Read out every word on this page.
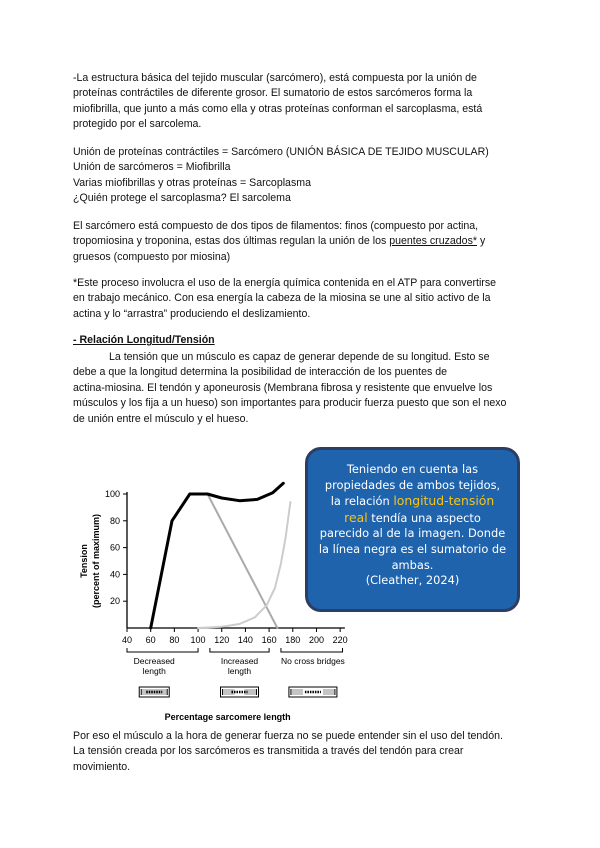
-La estructura básica del tejido muscular (sarcómero), está compuesta por la unión de
proteínas contráctiles de diferente grosor. El sumatorio de estos sarcómeros forma la
miofibrilla, que junto a más como ella y otras proteínas conforman el sarcoplasma, está
protegido por el sarcolema.
Unión de proteínas contráctiles = Sarcómero (UNIÓN BÁSICA DE TEJIDO MUSCULAR)
Unión de sarcómeros = Miofibrilla
Varias miofibrillas y otras proteínas = Sarcoplasma
¿Quién protege el sarcoplasma? El sarcolema
El sarcómero está compuesto de dos tipos de filamentos: finos (compuesto por actina,
tropomiosina y troponina, estas dos últimas regulan la unión de los puentes cruzados* y
gruesos (compuesto por miosina)
*Este proceso involucra el uso de la energía química contenida en el ATP para convertirse
en trabajo mecánico. Con esa energía la cabeza de la miosina se une al sitio activo de la
actina y lo “arrastra” produciendo el deslizamiento.
- Relación Longitud/Tensión
La tensión que un músculo es capaz de generar depende de su longitud. Esto se
debe a que la longitud determina la posibilidad de interacción de los puentes de
actina-miosina. El tendón y aponeurosis (Membrana fibrosa y resistente que envuelve los
músculos y los fija a un hueso) son importantes para producir fuerza puesto que son el nexo
de unión entre el músculo y el hueso.
40 60 80 100 120 140 160 180 200 220
20
40
60
80
100
Tension (percent of maximum)
Decreased
length
Increased
length
No cross bridges
Percentage sarcomere length
Teniendo en cuenta las
propiedades de ambos tejidos,
la relación longitud-tensión
real tendía una aspecto
parecido al de la imagen. Donde
la línea negra es el sumatorio de
ambas.
(Cleather, 2024)
Por eso el músculo a la hora de generar fuerza no se puede entender sin el uso del tendón.
La tensión creada por los sarcómeros es transmitida a través del tendón para crear
movimiento.
